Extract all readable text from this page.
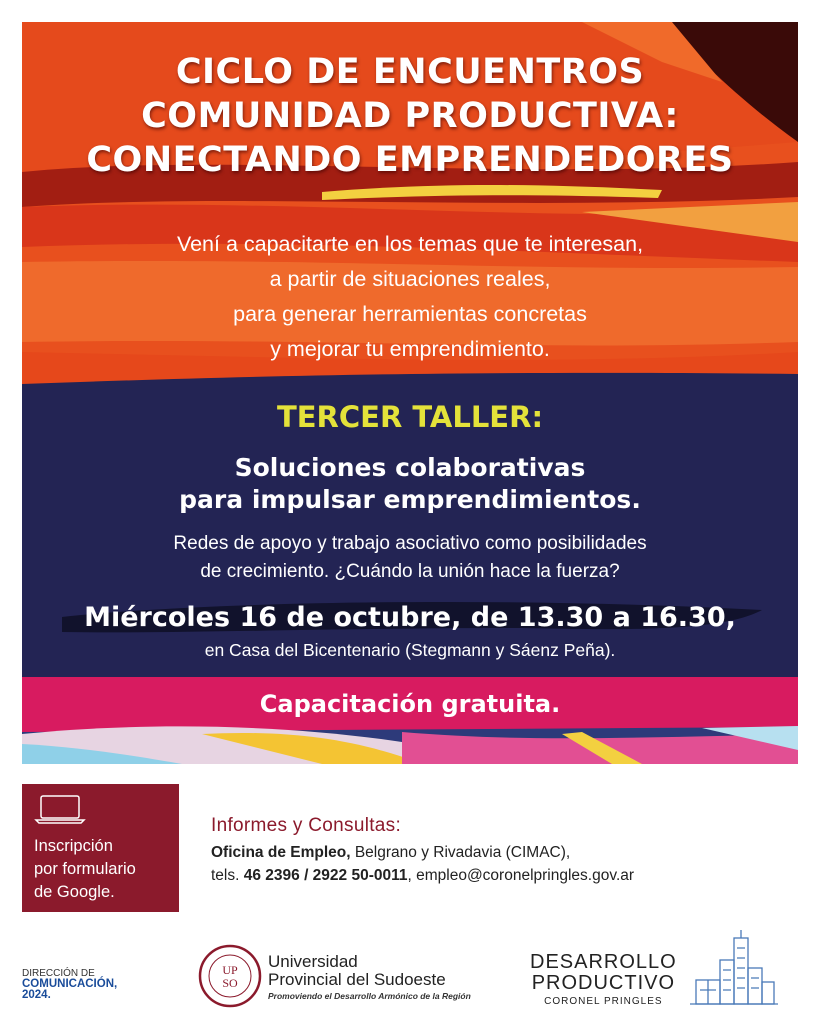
CICLO DE ENCUENTROS
COMUNIDAD PRODUCTIVA:
CONECTANDO EMPRENDEDORES
Vení a capacitarte en los temas que te interesan,
a partir de situaciones reales,
para generar herramientas concretas
y mejorar tu emprendimiento.
TERCER TALLER:
Soluciones colaborativas
para impulsar emprendimientos.
Redes de apoyo y trabajo asociativo como posibilidades
de crecimiento. ¿Cuándo la unión hace la fuerza?
Miércoles 16 de octubre, de 13.30 a 16.30,
en Casa del Bicentenario (Stegmann y Sáenz Peña).
Capacitación gratuita.
Inscripción
por formulario
de Google.
Informes y Consultas:
Oficina de Empleo, Belgrano y Rivadavia (CIMAC),
tels. 46 2396 / 2922 50-0011, empleo@coronelpringles.gov.ar
DIRECCIÓN DE
COMUNICACIÓN,
2024.
UP
SO
Universidad
Provincial del Sudoeste
Promoviendo el Desarrollo Armónico de la Región
DESARROLLO
PRODUCTIVO
CORONEL PRINGLES
